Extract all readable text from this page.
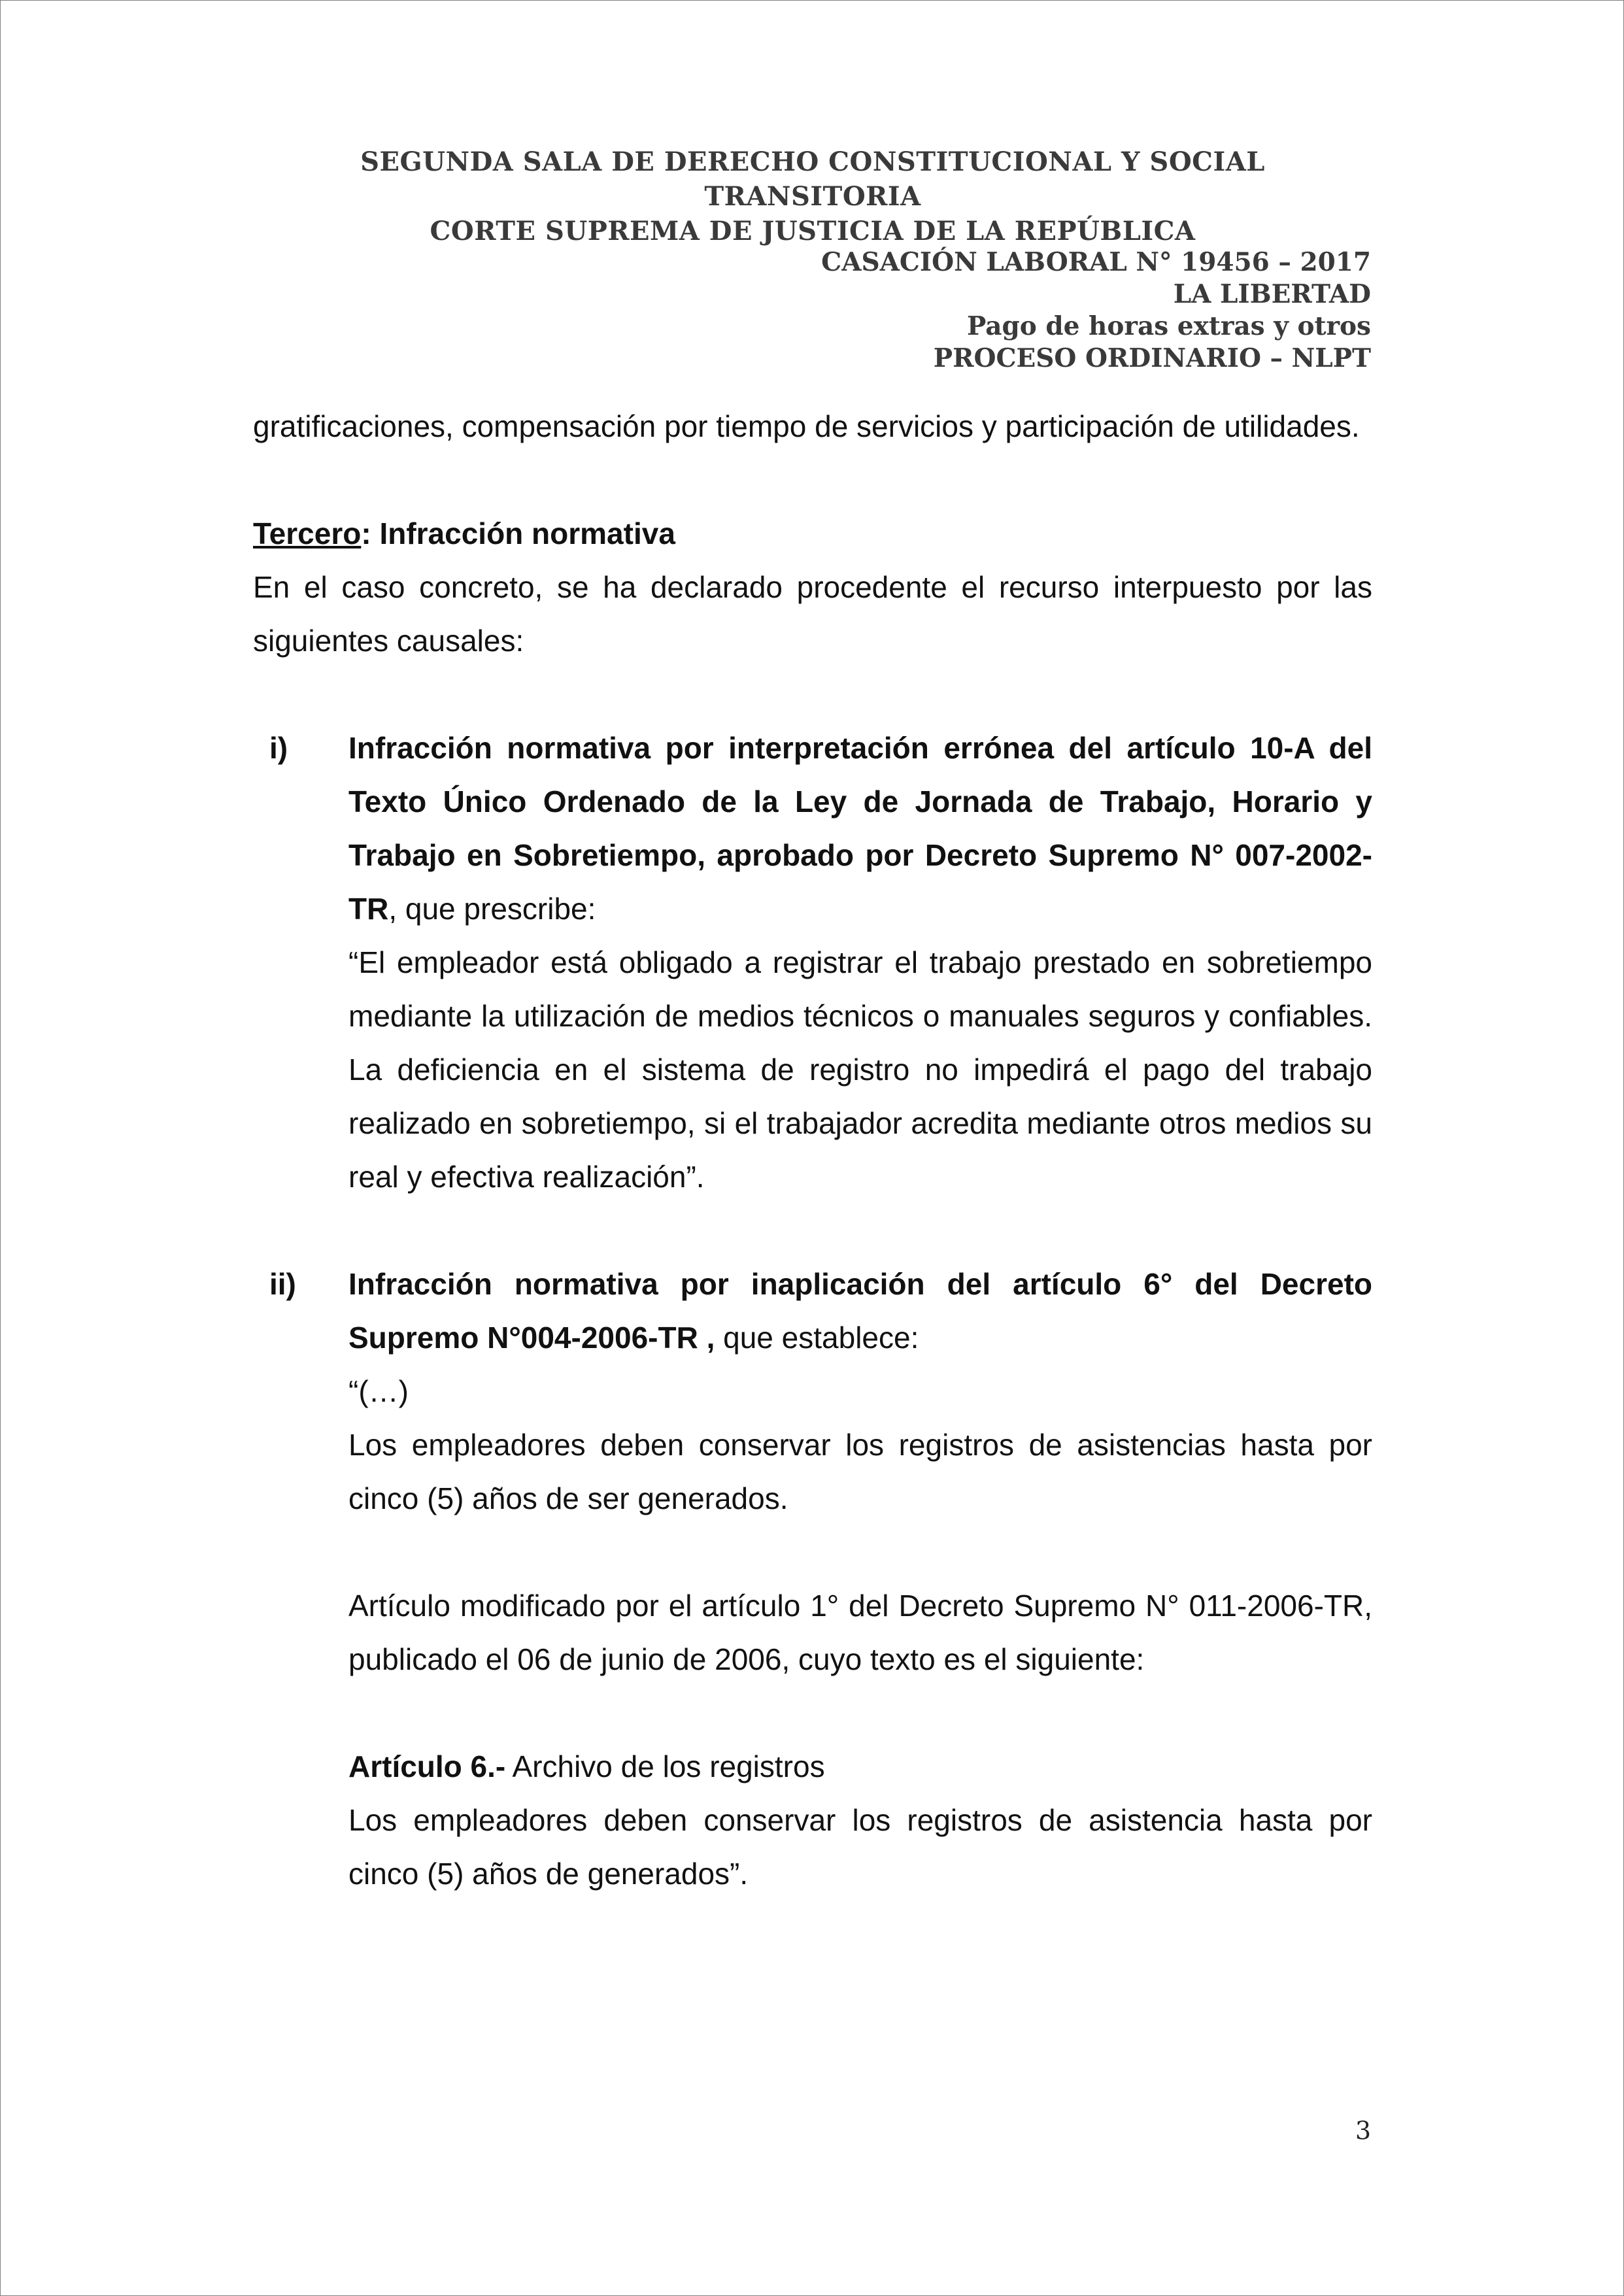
SEGUNDA SALA DE DERECHO CONSTITUCIONAL Y SOCIAL TRANSITORIA
CORTE SUPREMA DE JUSTICIA DE LA REPÚBLICA
CASACIÓN LABORAL N° 19456 – 2017
LA LIBERTAD
Pago de horas extras y otros
PROCESO ORDINARIO – NLPT

gratificaciones, compensación por tiempo de servicios y participación de utilidades.

Tercero: Infracción normativa

En el caso concreto, se ha declarado procedente el recurso interpuesto por las siguientes causales:

i) Infracción normativa por interpretación errónea del artículo 10-A del Texto Único Ordenado de la Ley de Jornada de Trabajo, Horario y Trabajo en Sobretiempo, aprobado por Decreto Supremo N° 007-2002-TR, que prescribe:

“El empleador está obligado a registrar el trabajo prestado en sobretiempo mediante la utilización de medios técnicos o manuales seguros y confiables. La deficiencia en el sistema de registro no impedirá el pago del trabajo realizado en sobretiempo, si el trabajador acredita mediante otros medios su real y efectiva realización”.

ii) Infracción normativa por inaplicación del artículo 6° del Decreto Supremo N°004-2006-TR , que establece:

“(…)

Los empleadores deben conservar los registros de asistencias hasta por cinco (5) años de ser generados.

Artículo modificado por el artículo 1° del Decreto Supremo N° 011-2006-TR, publicado el 06 de junio de 2006, cuyo texto es el siguiente:

Artículo 6.- Archivo de los registros

Los empleadores deben conservar los registros de asistencia hasta por cinco (5) años de generados”.

3
